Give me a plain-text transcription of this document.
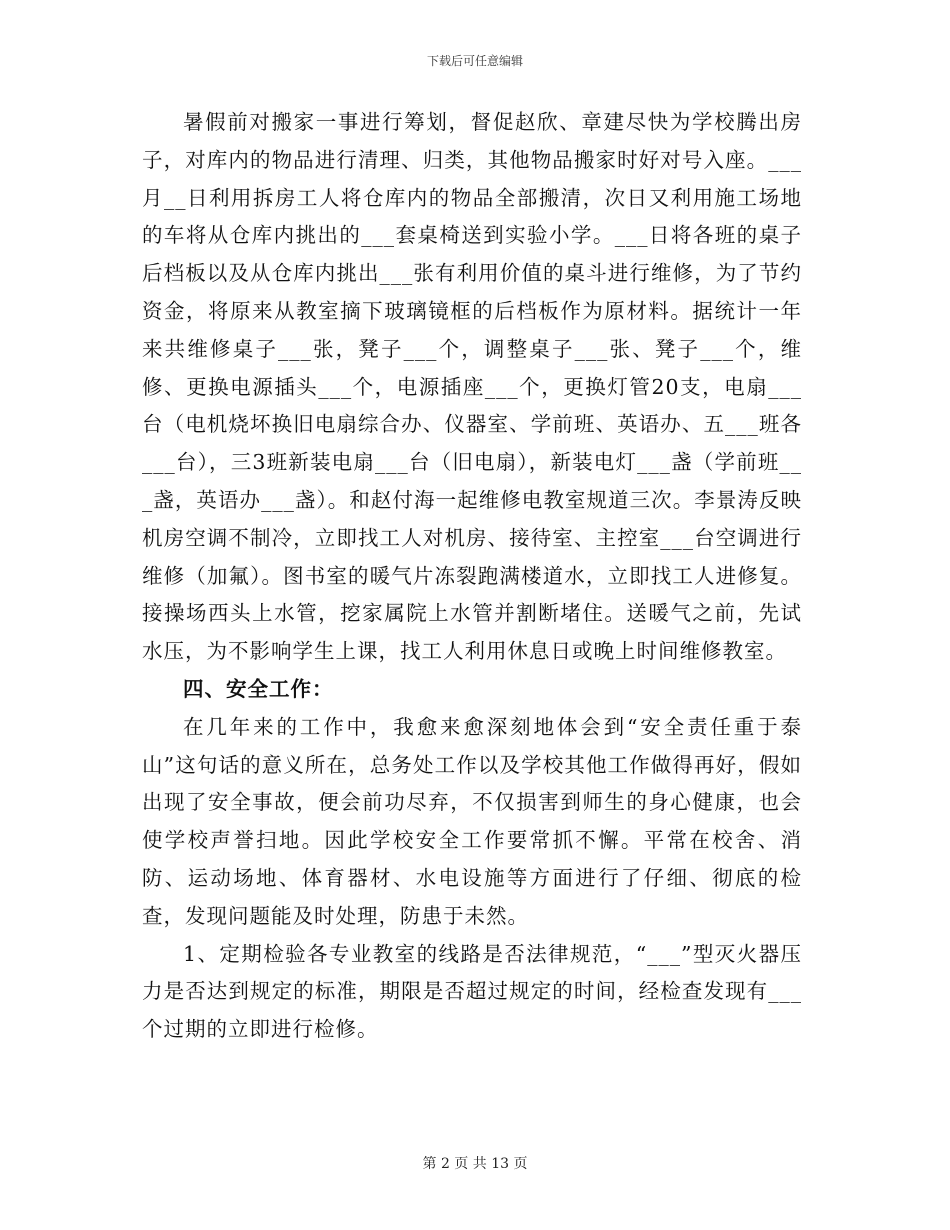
下载后可任意编辑

暑假前对搬家一事进行筹划，督促赵欣、章建尽快为学校腾出房子，对库内的物品进行清理、归类，其他物品搬家时好对号入座。___月__日利用拆房工人将仓库内的物品全部搬清，次日又利用施工场地的车将从仓库内挑出的___套桌椅送到实验小学。___日将各班的桌子后档板以及从仓库内挑出___张有利用价值的桌斗进行维修，为了节约资金，将原来从教室摘下玻璃镜框的后档板作为原材料。据统计一年来共维修桌子___张，凳子___个，调整桌子___张、凳子___个，维修、更换电源插头___个，电源插座___个，更换灯管20支，电扇___台（电机烧坏换旧电扇综合办、仪器室、学前班、英语办、五___班各___台），三3班新装电扇___台（旧电扇），新装电灯___盏（学前班___盏，英语办___盏）。和赵付海一起维修电教室规道三次。李景涛反映机房空调不制冷，立即找工人对机房、接待室、主控室___台空调进行维修（加氟）。图书室的暖气片冻裂跑满楼道水，立即找工人进修复。接操场西头上水管，挖家属院上水管并割断堵住。送暖气之前，先试水压，为不影响学生上课，找工人利用休息日或晚上时间维修教室。

四、安全工作：

在几年来的工作中，我愈来愈深刻地体会到“安全责任重于泰山”这句话的意义所在，总务处工作以及学校其他工作做得再好，假如出现了安全事故，便会前功尽弃，不仅损害到师生的身心健康，也会使学校声誉扫地。因此学校安全工作要常抓不懈。平常在校舍、消防、运动场地、体育器材、水电设施等方面进行了仔细、彻底的检查，发现问题能及时处理，防患于未然。

1、定期检验各专业教室的线路是否法律规范，“___”型灭火器压力是否达到规定的标准，期限是否超过规定的时间，经检查发现有___个过期的立即进行检修。

第 2 页 共 13 页
